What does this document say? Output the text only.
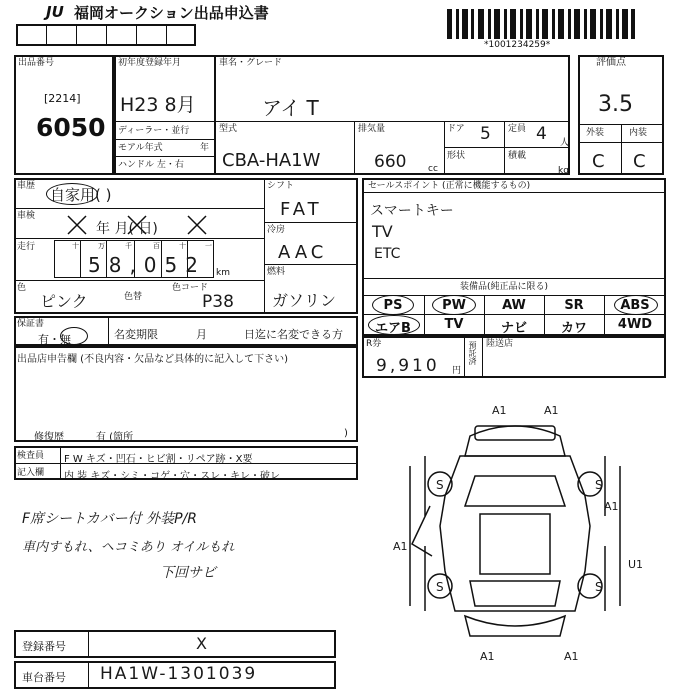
JU 福岡オークション出品申込書
*1001234259*
出品番号
[2214]
6050
初年度登録年月
H23 8月
ディーラー・並行
モアル年式	年
ハンドル 左・右
車名・グレード
アイ T
型式
CBA-HA1W
排気量
660 cc
ドア 5 定員 4 人
形状	積載
kg
評価点
3.5
外装	内装
C C
車歴 自家用( )
車検
年 月( 日)
走行	十	万	千	百	十	一
58,052 km
色
ピンク	色替
色コード
P38
シフト
FAT
冷房
AAC
燃料
ガソリン
セールスポイント (正常に機能するもの)
スマートキー
TV
ETC
装備品(純正品に限る)
PS	PW	AW	SR	ABS
エアB	TV	ナビ	カワ	4WD
R券
9,910 円
預託済 陸送店
保証書
有・無	名変期限	月	日迄に名変できる方
出品店申告欄 (不良内容・欠品など具体的に記入して下さい)
修復歴	有 (箇所	)
検査員
記入欄
F W キズ・凹石・ヒビ割・リペア跡・X要
内 装 キズ・シミ・コゲ・穴・スレ・キレ・破レ
F席シートカバー付 外装P/R
車内すもれ、ヘコミあり オイルもれ
下回サビ
A1	A1
S	S
S	S
A1
A1
A1	A1
U1
登録番号	X
車台番号 HA1W-1301039
